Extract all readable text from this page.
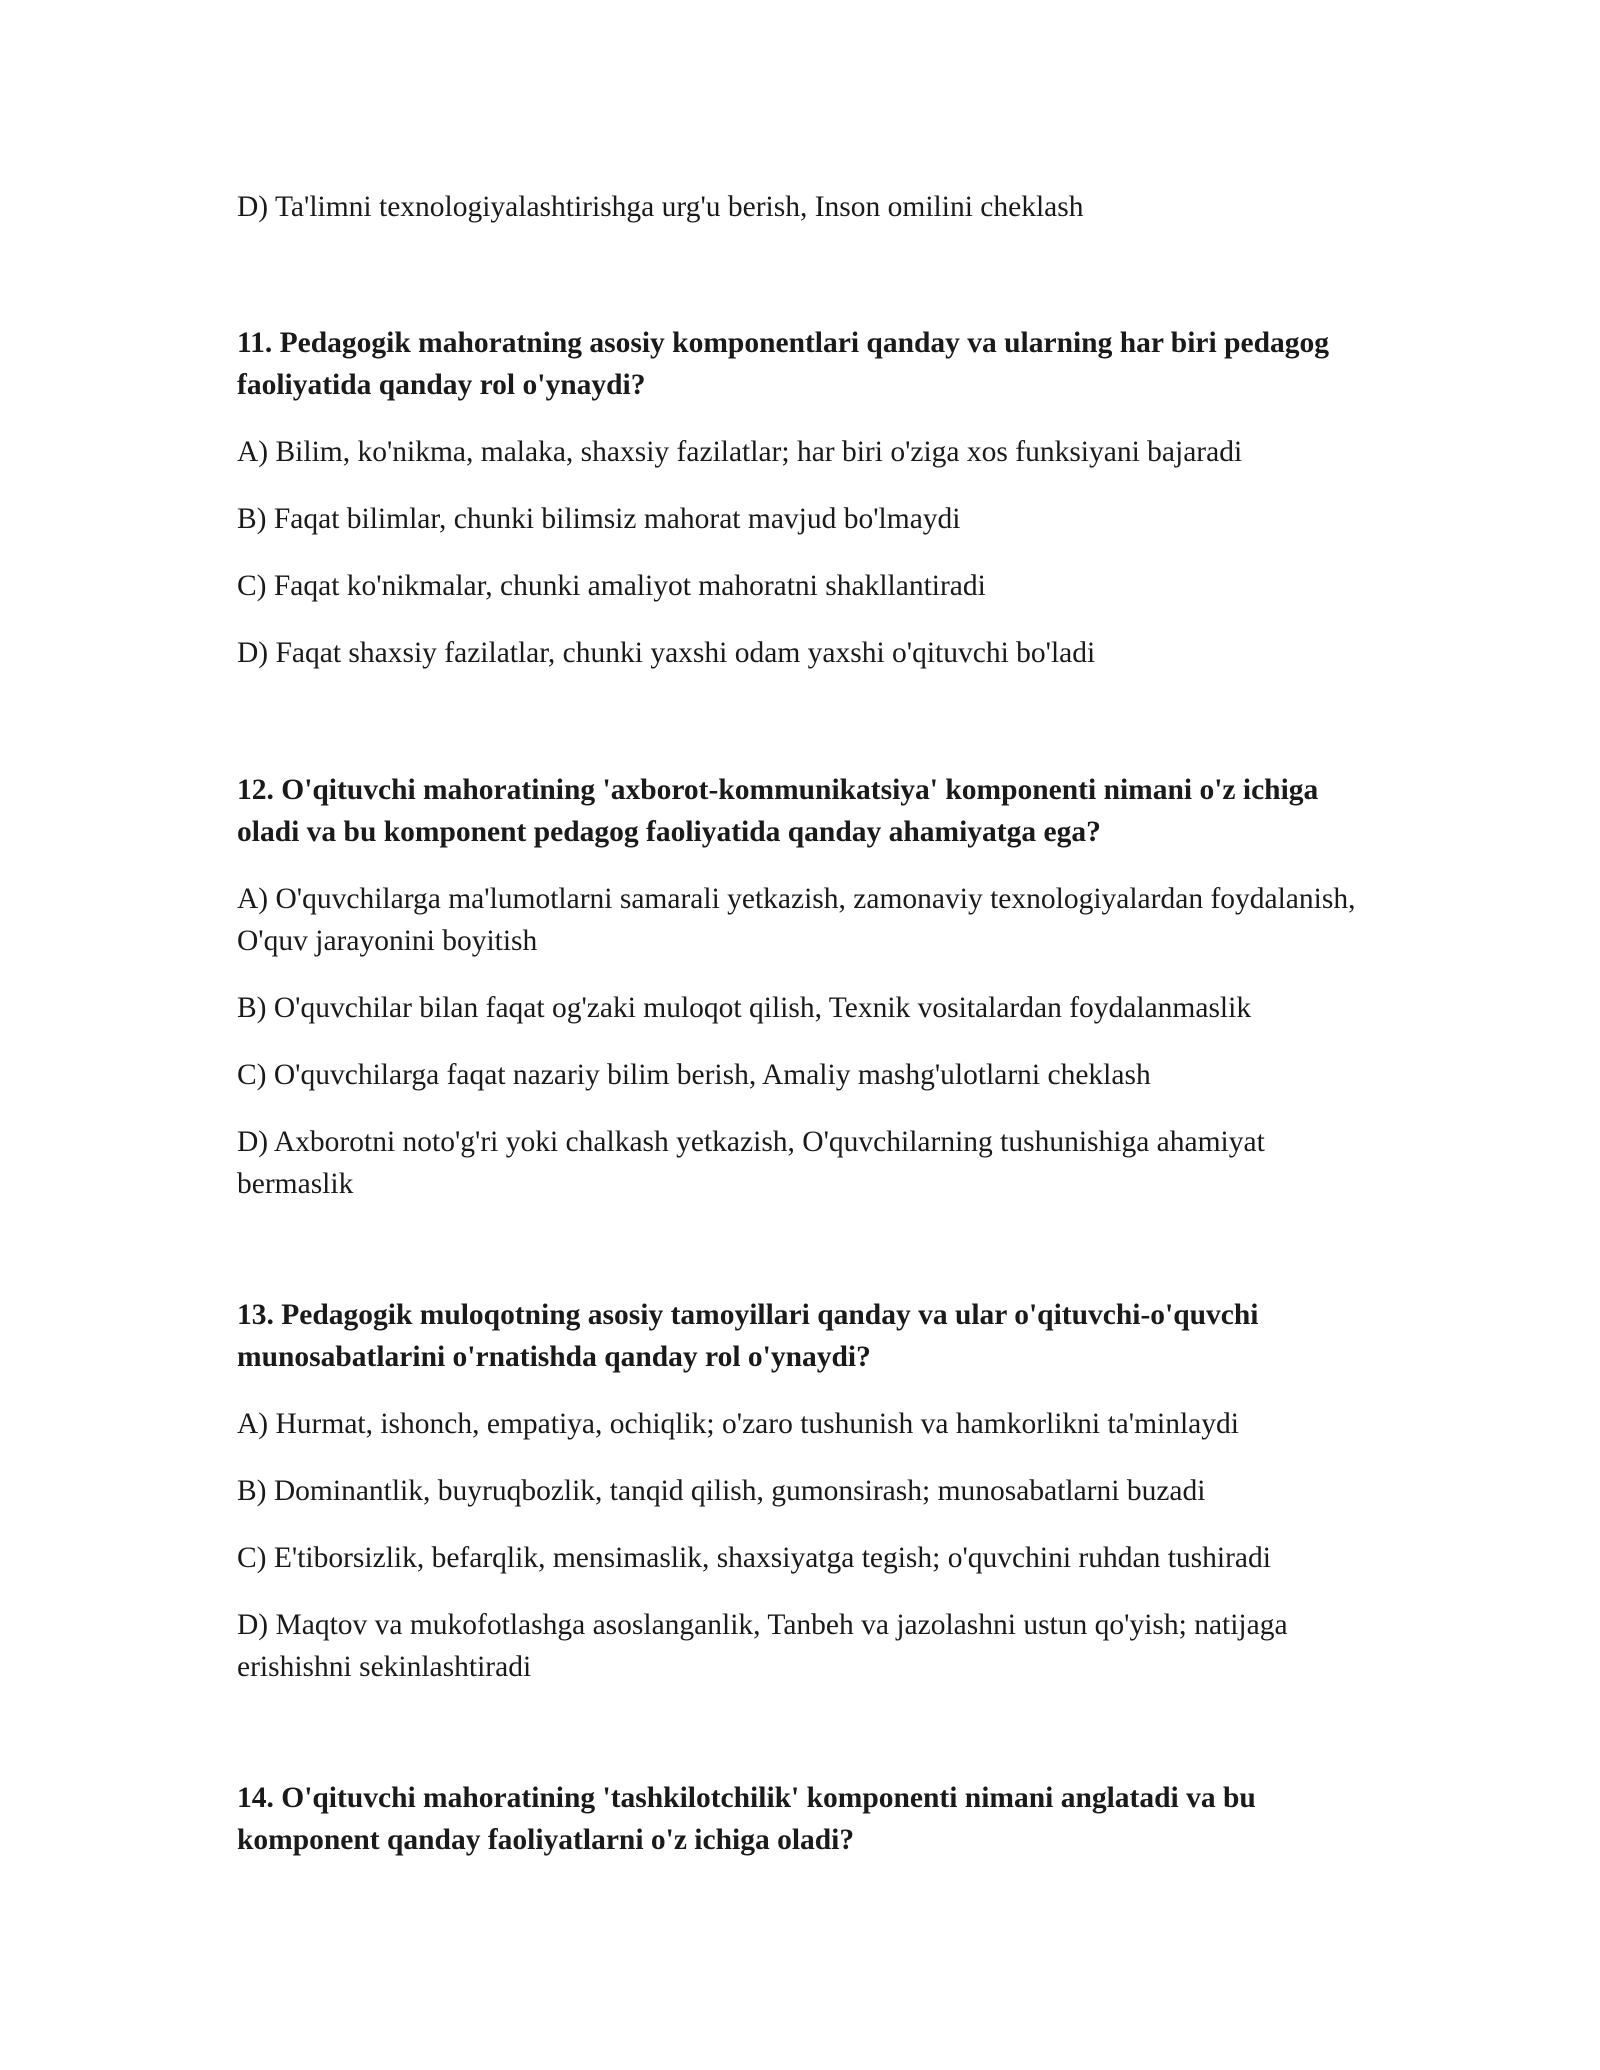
D) Ta'limni texnologiyalashtirishga urg'u berish, Inson omilini cheklash

11. Pedagogik mahoratning asosiy komponentlari qanday va ularning har biri pedagog faoliyatida qanday rol o'ynaydi?

A) Bilim, ko'nikma, malaka, shaxsiy fazilatlar; har biri o'ziga xos funksiyani bajaradi

B) Faqat bilimlar, chunki bilimsiz mahorat mavjud bo'lmaydi

C) Faqat ko'nikmalar, chunki amaliyot mahoratni shakllantiradi

D) Faqat shaxsiy fazilatlar, chunki yaxshi odam yaxshi o'qituvchi bo'ladi

12. O'qituvchi mahoratining 'axborot-kommunikatsiya' komponenti nimani o'z ichiga oladi va bu komponent pedagog faoliyatida qanday ahamiyatga ega?

A) O'quvchilarga ma'lumotlarni samarali yetkazish, zamonaviy texnologiyalardan foydalanish, O'quv jarayonini boyitish

B) O'quvchilar bilan faqat og'zaki muloqot qilish, Texnik vositalardan foydalanmaslik

C) O'quvchilarga faqat nazariy bilim berish, Amaliy mashg'ulotlarni cheklash

D) Axborotni noto'g'ri yoki chalkash yetkazish, O'quvchilarning tushunishiga ahamiyat bermaslik

13. Pedagogik muloqotning asosiy tamoyillari qanday va ular o'qituvchi-o'quvchi munosabatlarini o'rnatishda qanday rol o'ynaydi?

A) Hurmat, ishonch, empatiya, ochiqlik; o'zaro tushunish va hamkorlikni ta'minlaydi

B) Dominantlik, buyruqbozlik, tanqid qilish, gumonsirash; munosabatlarni buzadi

C) E'tiborsizlik, befarqlik, mensimaslik, shaxsiyatga tegish; o'quvchini ruhdan tushiradi

D) Maqtov va mukofotlashga asoslanganlik, Tanbeh va jazolashni ustun qo'yish; natijaga erishishni sekinlashtiradi

14. O'qituvchi mahoratining 'tashkilotchilik' komponenti nimani anglatadi va bu komponent qanday faoliyatlarni o'z ichiga oladi?
